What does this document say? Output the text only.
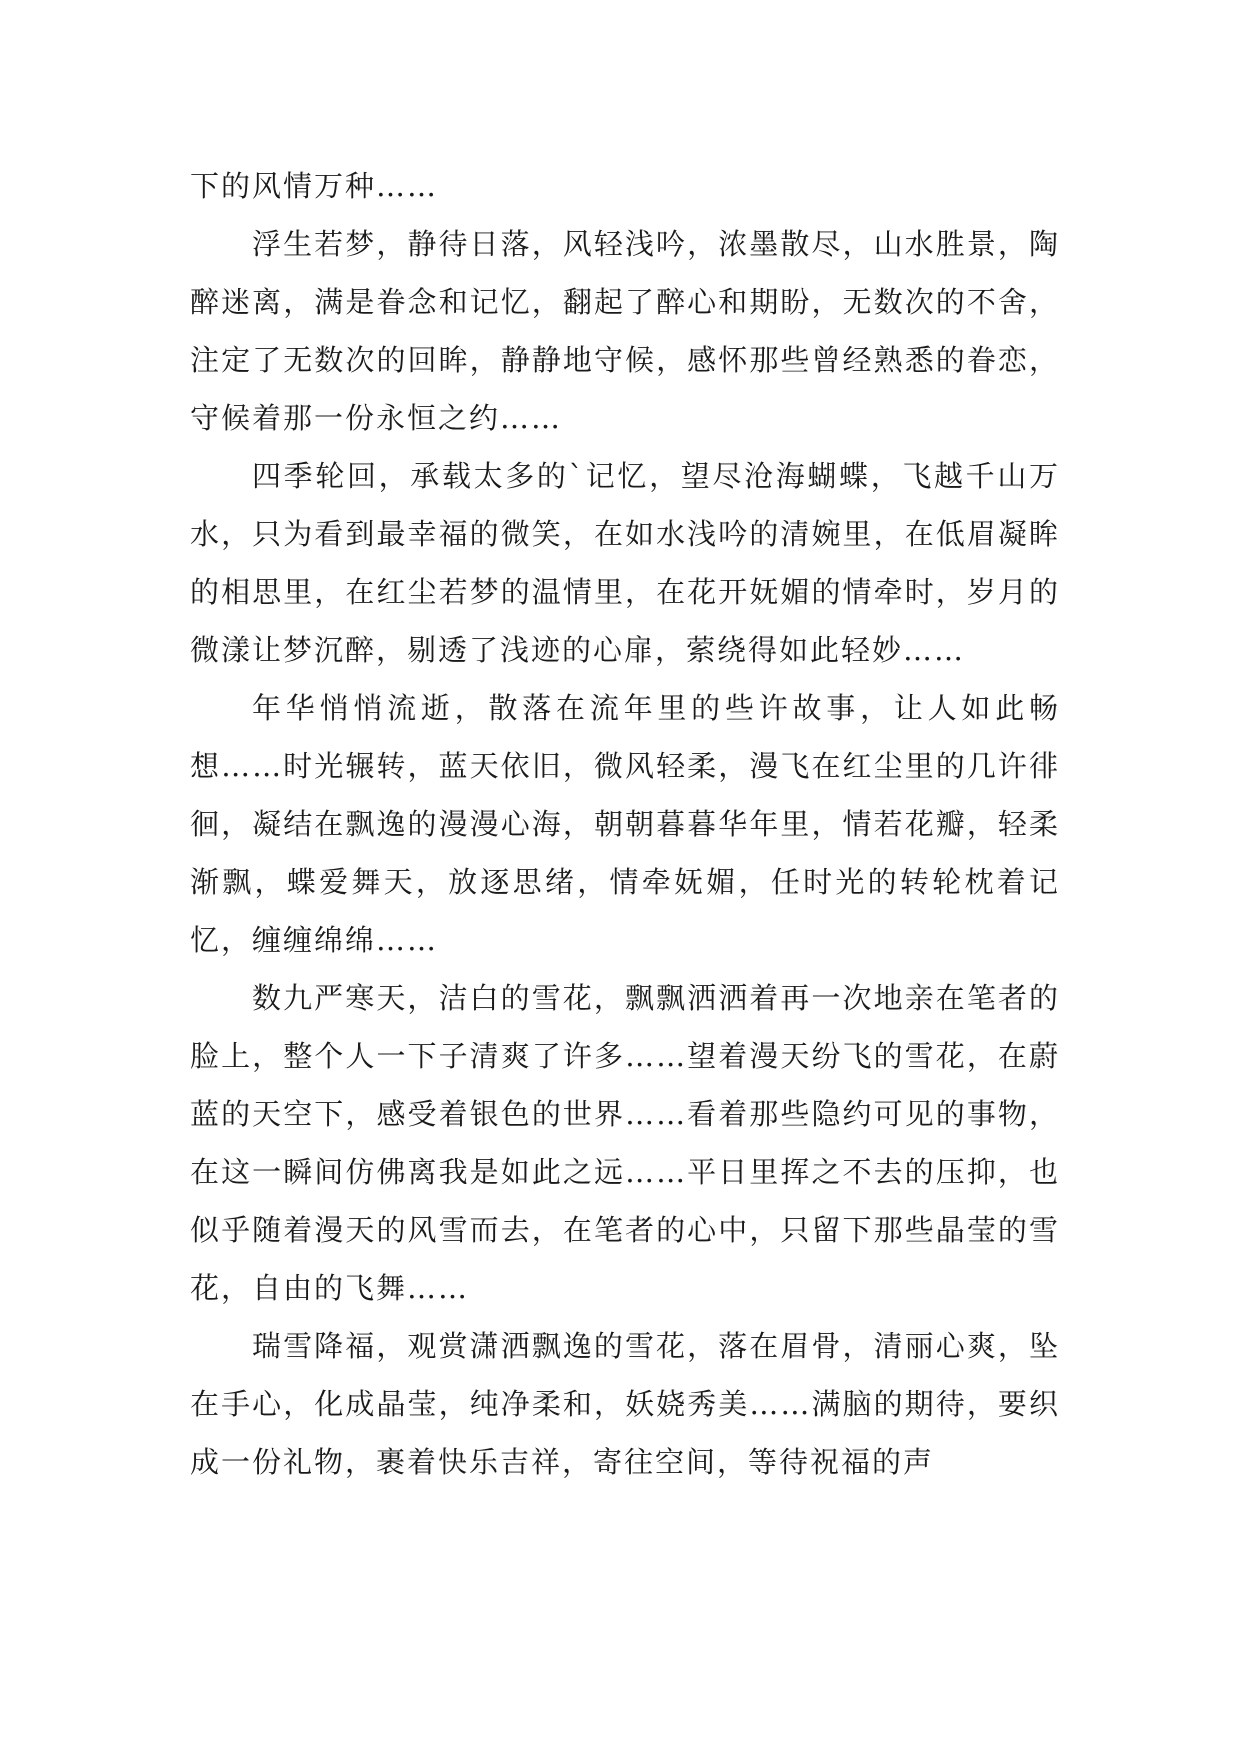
下的风情万种……

浮生若梦，静待日落，风轻浅吟，浓墨散尽，山水胜景，陶醉迷离，满是眷念和记忆，翻起了醉心和期盼，无数次的不舍，注定了无数次的回眸，静静地守候，感怀那些曾经熟悉的眷恋，守候着那一份永恒之约……

四季轮回，承载太多的`记忆，望尽沧海蝴蝶，飞越千山万水，只为看到最幸福的微笑，在如水浅吟的清婉里，在低眉凝眸的相思里，在红尘若梦的温情里，在花开妩媚的情牵时，岁月的微漾让梦沉醉，剔透了浅迹的心扉，萦绕得如此轻妙……

年华悄悄流逝，散落在流年里的些许故事，让人如此畅想……时光辗转，蓝天依旧，微风轻柔，漫飞在红尘里的几许徘徊，凝结在飘逸的漫漫心海，朝朝暮暮华年里，情若花瓣，轻柔渐飘，蝶爱舞天，放逐思绪，情牵妩媚，任时光的转轮枕着记忆，缠缠绵绵……

数九严寒天，洁白的雪花，飘飘洒洒着再一次地亲在笔者的脸上，整个人一下子清爽了许多……望着漫天纷飞的雪花，在蔚蓝的天空下，感受着银色的世界……看着那些隐约可见的事物，在这一瞬间仿佛离我是如此之远……平日里挥之不去的压抑，也似乎随着漫天的风雪而去，在笔者的心中，只留下那些晶莹的雪花，自由的飞舞……

瑞雪降福，观赏潇洒飘逸的雪花，落在眉骨，清丽心爽，坠在手心，化成晶莹，纯净柔和，妖娆秀美……满脑的期待，要织成一份礼物，裹着快乐吉祥，寄往空间，等待祝福的声
